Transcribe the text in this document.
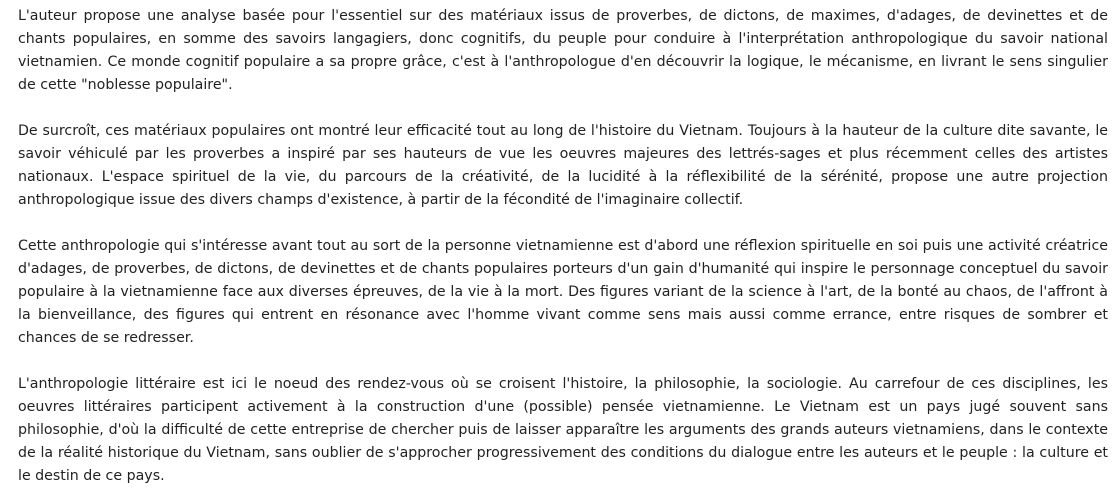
L'auteur propose une analyse basée pour l'essentiel sur des matériaux issus de proverbes, de dictons, de maximes, d'adages, de devinettes et de chants populaires, en somme des savoirs langagiers, donc cognitifs, du peuple pour conduire à l'interprétation anthropologique du savoir national vietnamien. Ce monde cognitif populaire a sa propre grâce, c'est à l'anthropologue d'en découvrir la logique, le mécanisme, en livrant le sens singulier de cette "noblesse populaire".

De surcroît, ces matériaux populaires ont montré leur efficacité tout au long de l'histoire du Vietnam. Toujours à la hauteur de la culture dite savante, le savoir véhiculé par les proverbes a inspiré par ses hauteurs de vue les oeuvres majeures des lettrés-sages et plus récemment celles des artistes nationaux. L'espace spirituel de la vie, du parcours de la créativité, de la lucidité à la réflexibilité de la sérénité, propose une autre projection anthropologique issue des divers champs d'existence, à partir de la fécondité de l'imaginaire collectif.

Cette anthropologie qui s'intéresse avant tout au sort de la personne vietnamienne est d'abord une réflexion spirituelle en soi puis une activité créatrice d'adages, de proverbes, de dictons, de devinettes et de chants populaires porteurs d'un gain d'humanité qui inspire le personnage conceptuel du savoir populaire à la vietnamienne face aux diverses épreuves, de la vie à la mort. Des figures variant de la science à l'art, de la bonté au chaos, de l'affront à la bienveillance, des figures qui entrent en résonance avec l'homme vivant comme sens mais aussi comme errance, entre risques de sombrer et chances de se redresser.

L'anthropologie littéraire est ici le noeud des rendez-vous où se croisent l'histoire, la philosophie, la sociologie. Au carrefour de ces disciplines, les oeuvres littéraires participent activement à la construction d'une (possible) pensée vietnamienne. Le Vietnam est un pays jugé souvent sans philosophie, d'où la difficulté de cette entreprise de chercher puis de laisser apparaître les arguments des grands auteurs vietnamiens, dans le contexte de la réalité historique du Vietnam, sans oublier de s'approcher progressivement des conditions du dialogue entre les auteurs et le peuple : la culture et le destin de ce pays.
